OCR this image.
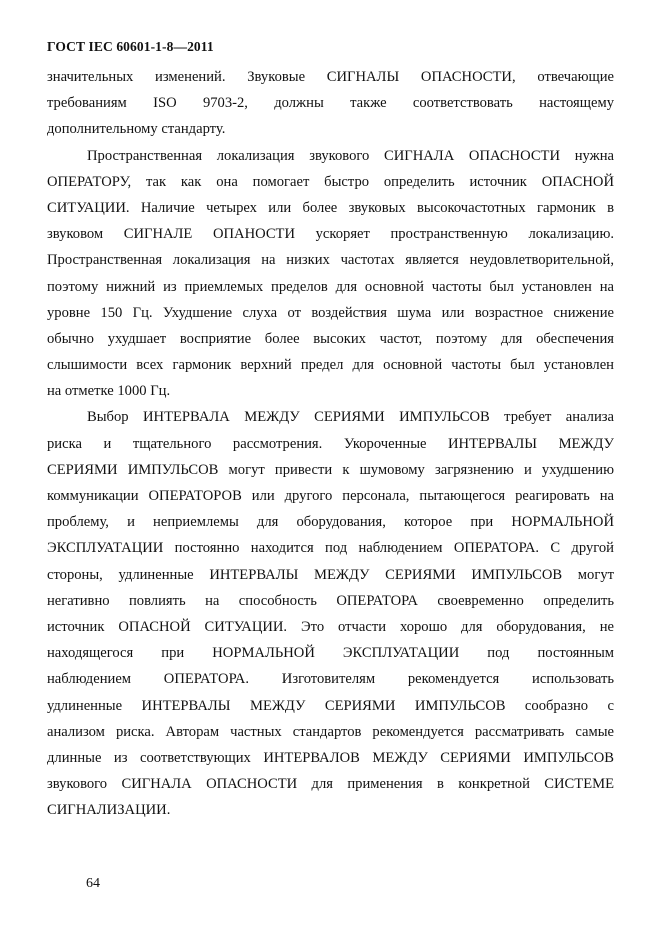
ГОСТ IEC 60601-1-8—2011
значительных изменений. Звуковые СИГНАЛЫ ОПАСНОСТИ, отвечающие
требованиям ISO 9703-2, должны также соответствовать настоящему
дополнительному стандарту.
Пространственная локализация звукового СИГНАЛА ОПАСНОСТИ нужна
ОПЕРАТОРУ, так как она помогает быстро определить источник ОПАСНОЙ
СИТУАЦИИ. Наличие четырех или более звуковых высокочастотных гармоник в
звуковом СИГНАЛЕ ОПАНОСТИ ускоряет пространственную локализацию.
Пространственная локализация на низких частотах является неудовлетворительной,
поэтому нижний из приемлемых пределов для основной частоты был установлен на
уровне 150 Гц. Ухудшение слуха от воздействия шума или возрастное снижение
обычно ухудшает восприятие более высоких частот, поэтому для обеспечения
слышимости всех гармоник верхний предел для основной частоты был установлен
на отметке 1000 Гц.
Выбор ИНТЕРВАЛА МЕЖДУ СЕРИЯМИ ИМПУЛЬСОВ требует анализа
риска и тщательного рассмотрения. Укороченные ИНТЕРВАЛЫ МЕЖДУ
СЕРИЯМИ ИМПУЛЬСОВ могут привести к шумовому загрязнению и ухудшению
коммуникации ОПЕРАТОРОВ или другого персонала, пытающегося реагировать на
проблему, и неприемлемы для оборудования, которое при НОРМАЛЬНОЙ
ЭКСПЛУАТАЦИИ постоянно находится под наблюдением ОПЕРАТОРА. С другой
стороны, удлиненные ИНТЕРВАЛЫ МЕЖДУ СЕРИЯМИ ИМПУЛЬСОВ могут
негативно повлиять на способность ОПЕРАТОРА своевременно определить
источник ОПАСНОЙ СИТУАЦИИ. Это отчасти хорошо для оборудования, не
находящегося при НОРМАЛЬНОЙ ЭКСПЛУАТАЦИИ под постоянным
наблюдением ОПЕРАТОРА. Изготовителям рекомендуется использовать
удлиненные ИНТЕРВАЛЫ МЕЖДУ СЕРИЯМИ ИМПУЛЬСОВ сообразно с
анализом риска. Авторам частных стандартов рекомендуется рассматривать самые
длинные из соответствующих ИНТЕРВАЛОВ МЕЖДУ СЕРИЯМИ ИМПУЛЬСОВ
звукового СИГНАЛА ОПАСНОСТИ для применения в конкретной СИСТЕМЕ
СИГНАЛИЗАЦИИ.
64
